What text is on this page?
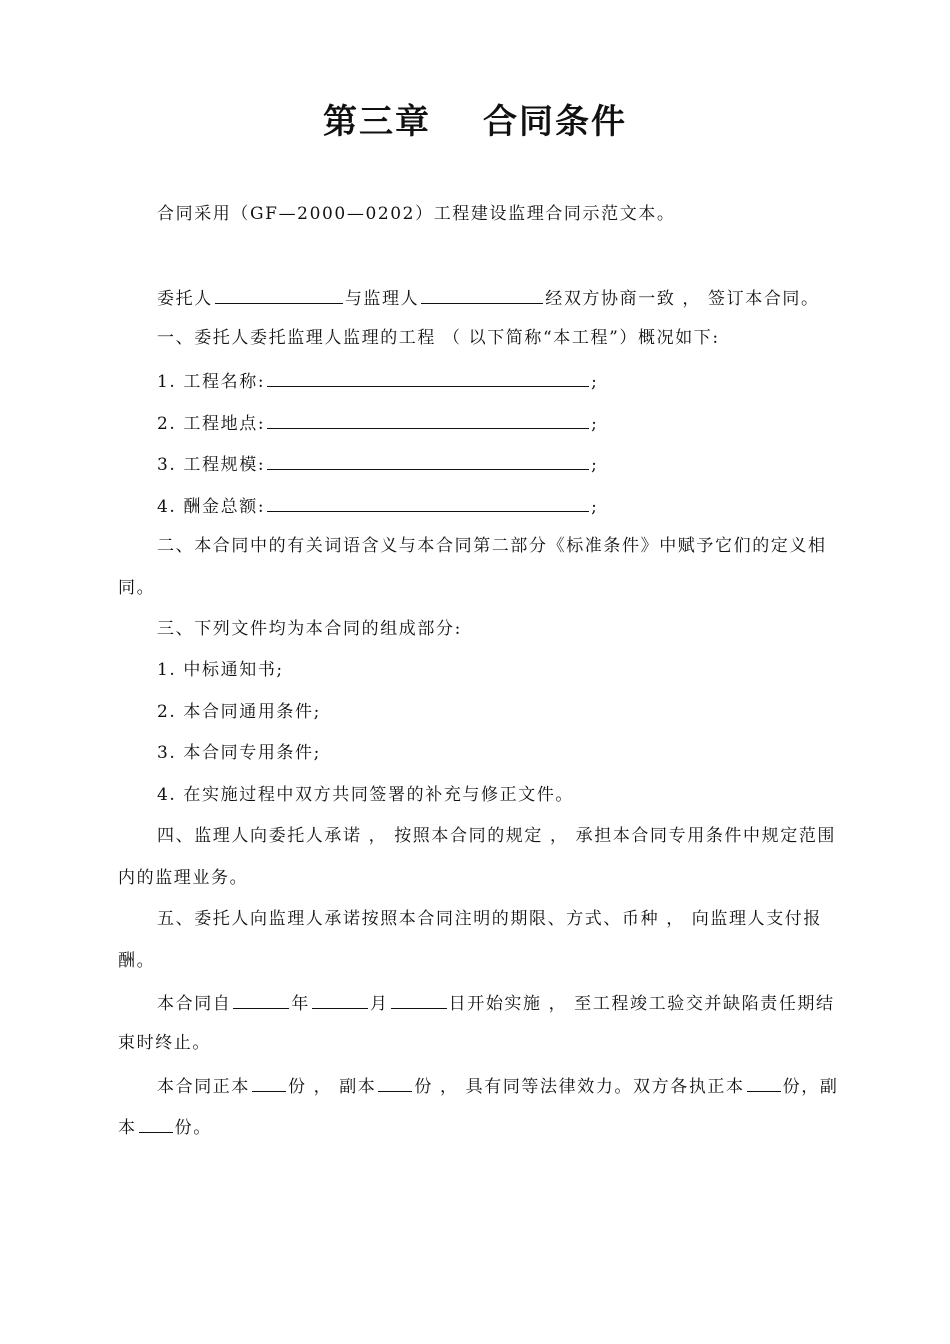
第三章 合同条件
合同采用（GF—2000—0202）工程建设监理合同示范文本。
委托人	与监理人	经双方协商一致 ， 签订本合同。
一、委托人委托监理人监理的工程 （ 以下简称“本工程”）概况如下:
1. 工程名称:	;
2. 工程地点:	;
3. 工程规模:	;
4. 酬金总额:	;
二、本合同中的有关词语含义与本合同第二部分《标准条件》中赋予它们的定义相
同。
三、下列文件均为本合同的组成部分:
1. 中标通知书;
2. 本合同通用条件;
3. 本合同专用条件;
4. 在实施过程中双方共同签署的补充与修正文件。
四、监理人向委托人承诺 ， 按照本合同的规定 ， 承担本合同专用条件中规定范围
内的监理业务。
五、委托人向监理人承诺按照本合同注明的期限、方式、币种 ， 向监理人支付报
酬。
本合同自	年	月	日开始实施 ， 至工程竣工验交并缺陷责任期结
束时终止。
本合同正本 份 ， 副本 份 ， 具有同等法律效力。双方各执正本 份，副
本 份。
